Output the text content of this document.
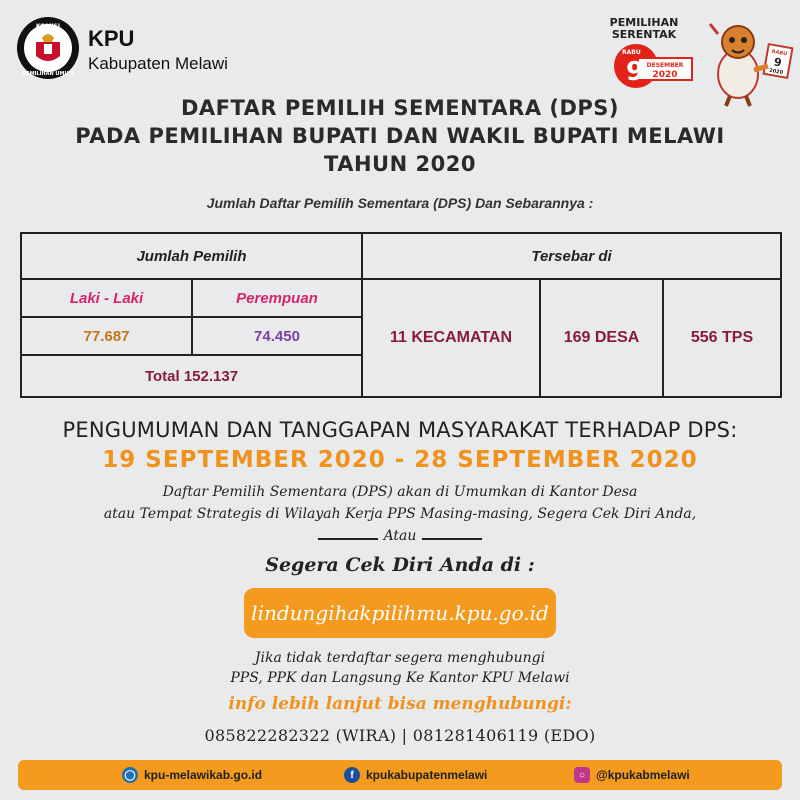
KOMISI
PEMILIHAN UMUM
KPU
Kabupaten Melawi
PEMILIHAN
SERENTAK
RABU
9 DESEMBER
2020
RABU
9
2020
DAFTAR PEMILIH SEMENTARA (DPS)
PADA PEMILIHAN BUPATI DAN WAKIL BUPATI MELAWI
TAHUN 2020
Jumlah Daftar Pemilih Sementara (DPS) Dan Sebarannya :
Jumlah Pemilih	Tersebar di
Laki - Laki	Perempuan
77.687	74.450
Total 152.137
11 KECAMATAN	169 DESA	556 TPS
PENGUMUMAN DAN TANGGAPAN MASYARAKAT TERHADAP DPS:
19 SEPTEMBER 2020 - 28 SEPTEMBER 2020
Daftar Pemilih Sementara (DPS) akan di Umumkan di Kantor Desa
atau Tempat Strategis di Wilayah Kerja PPS Masing-masing, Segera Cek Diri Anda,
Atau
Segera Cek Diri Anda di :
lindungihakpilihmu.kpu.go.id
Jika tidak terdaftar segera menghubungi
PPS, PPK dan Langsung Ke Kantor KPU Melawi
info lebih lanjut bisa menghubungi:
085822282322 (WIRA) | 081281406119 (EDO)
◯ kpu-melawikab.go.id	f	kpukabupatenmelawi	○ @kpukabmelawi
